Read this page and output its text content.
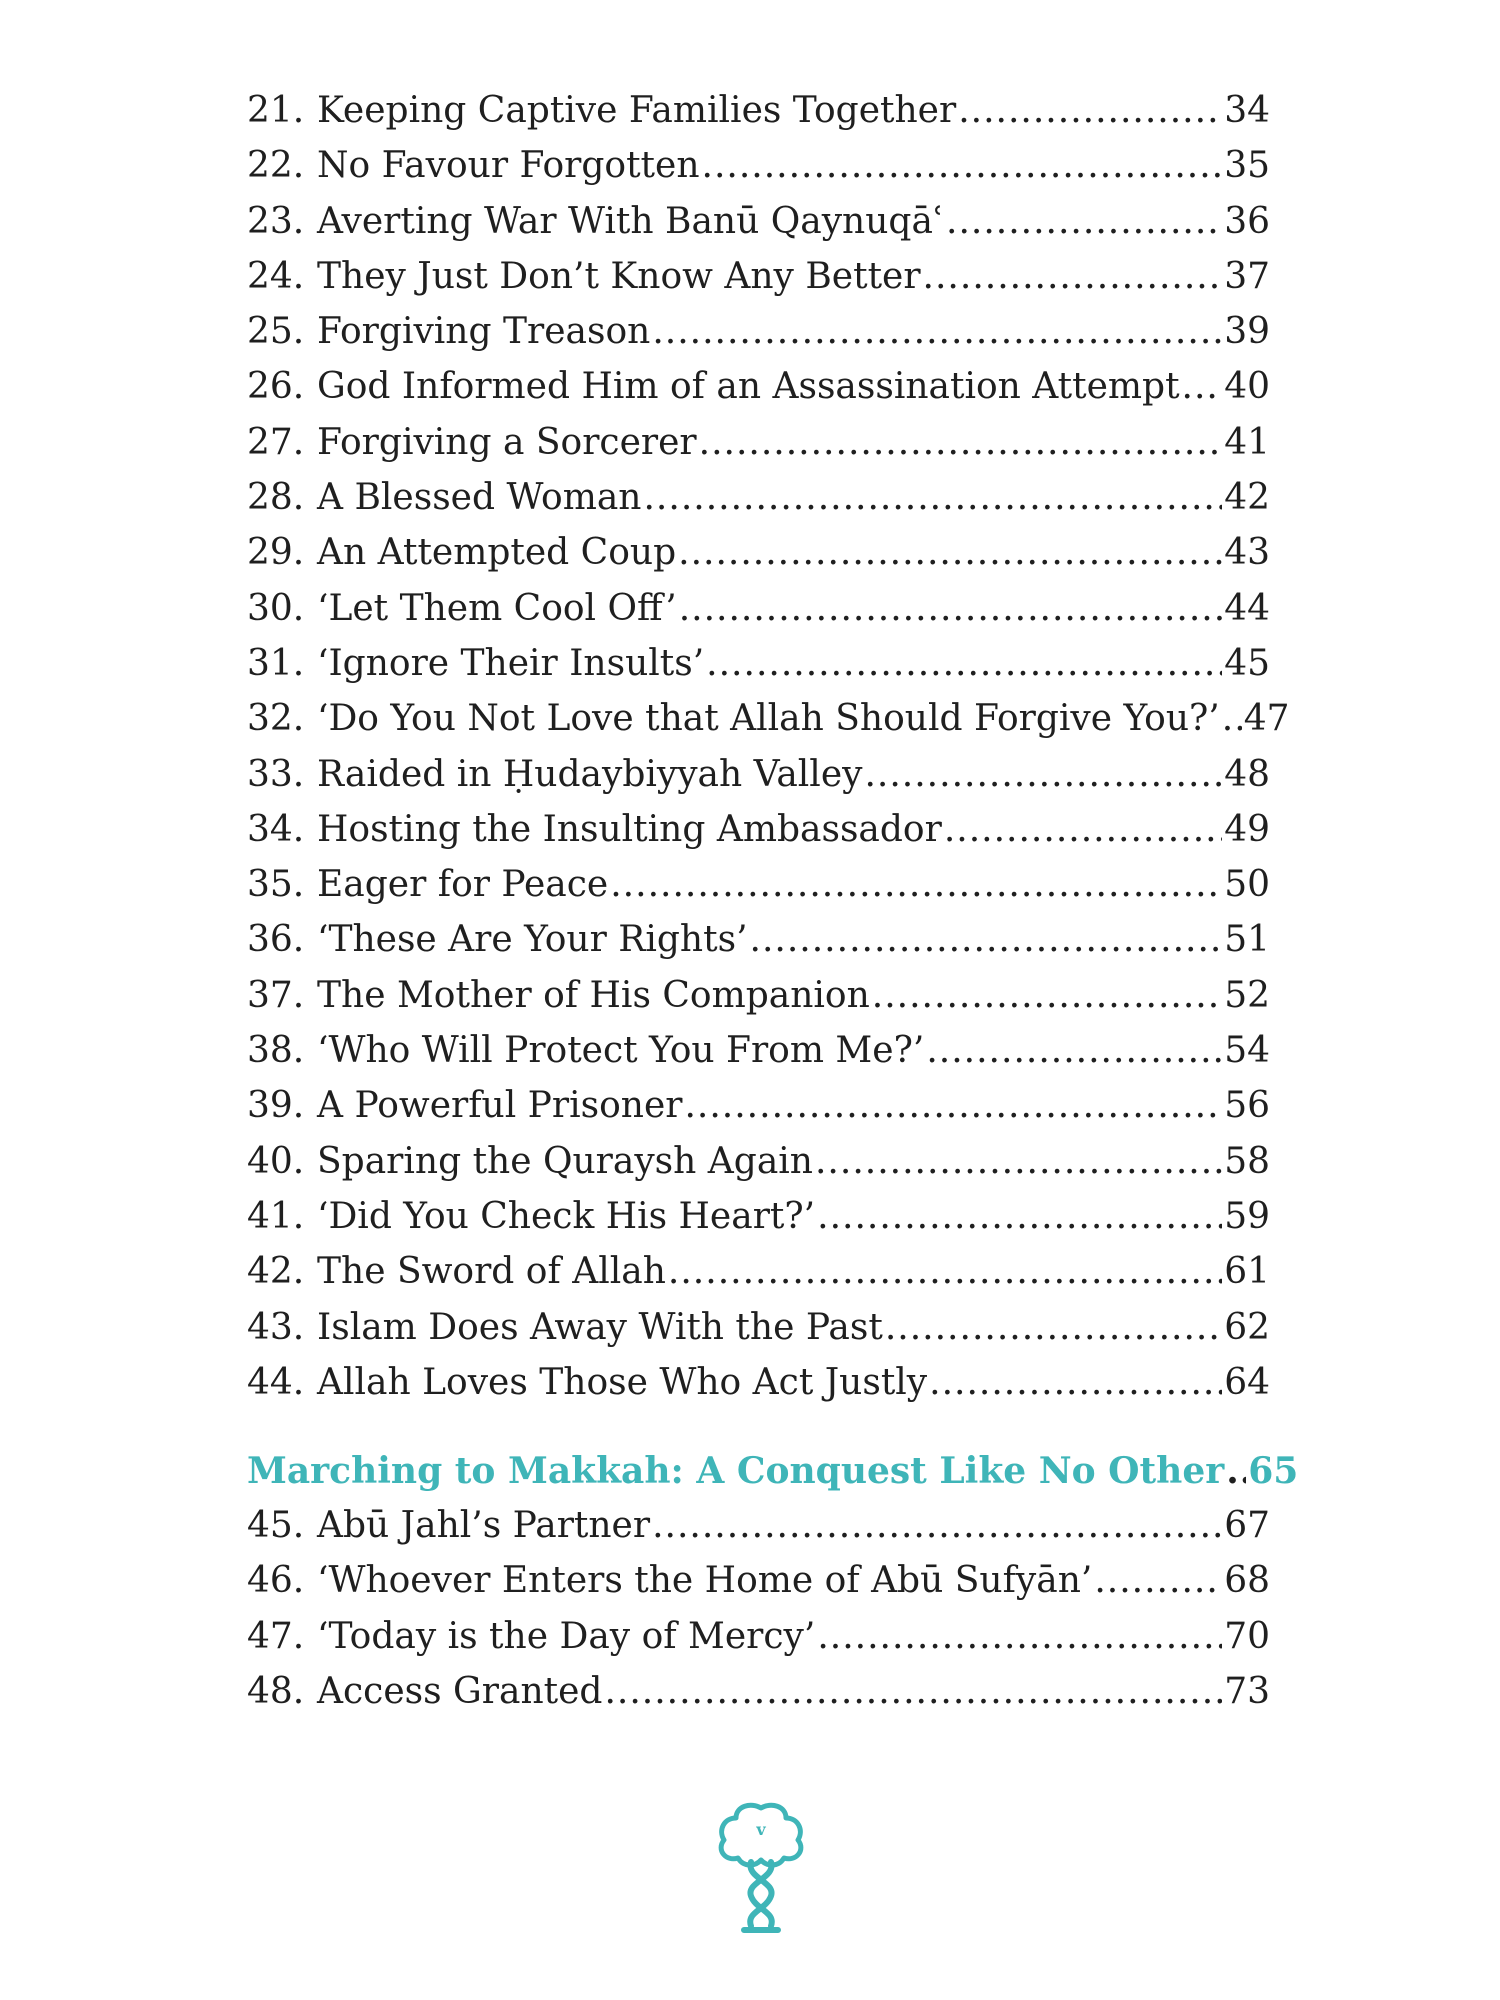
21. Keeping Captive Families Together .....	34
22. No Favour Forgotten .....	35
23. Averting War With Banū Qaynuqāʿ .....	36
24. They Just Don’t Know Any Better .....	37
25. Forgiving Treason .....	39
26. God Informed Him of an Assassination Attempt ..... 40
27. Forgiving a Sorcerer .....	41
28. A Blessed Woman .....	42
29. An Attempted Coup .....	43
30. ‘Let Them Cool Off’ .....	44
31. ‘Ignore Their Insults’ .....	45
32. ‘Do You Not Love that Allah Should Forgive You?’ ..... 47
33. Raided in Ḥudaybiyyah Valley .....	48
34. Hosting the Insulting Ambassador .....	49
35. Eager for Peace .....	50
36. ‘These Are Your Rights’ .....	51
37. The Mother of His Companion .....	52
38. ‘Who Will Protect You From Me?’ .....	54
39. A Powerful Prisoner .....	56
40. Sparing the Quraysh Again .....	58
41. ‘Did You Check His Heart?’ .....	59
42. The Sword of Allah .....	61
43. Islam Does Away With the Past .....	62
44. Allah Loves Those Who Act Justly .....	64
Marching to Makkah: A Conquest Like No Other ..... 65
45. Abū Jahl’s Partner .....	67
46. ‘Whoever Enters the Home of Abū Sufyān’ .....	68
47. ‘Today is the Day of Mercy’ .....	70
48. Access Granted .....	73
v
